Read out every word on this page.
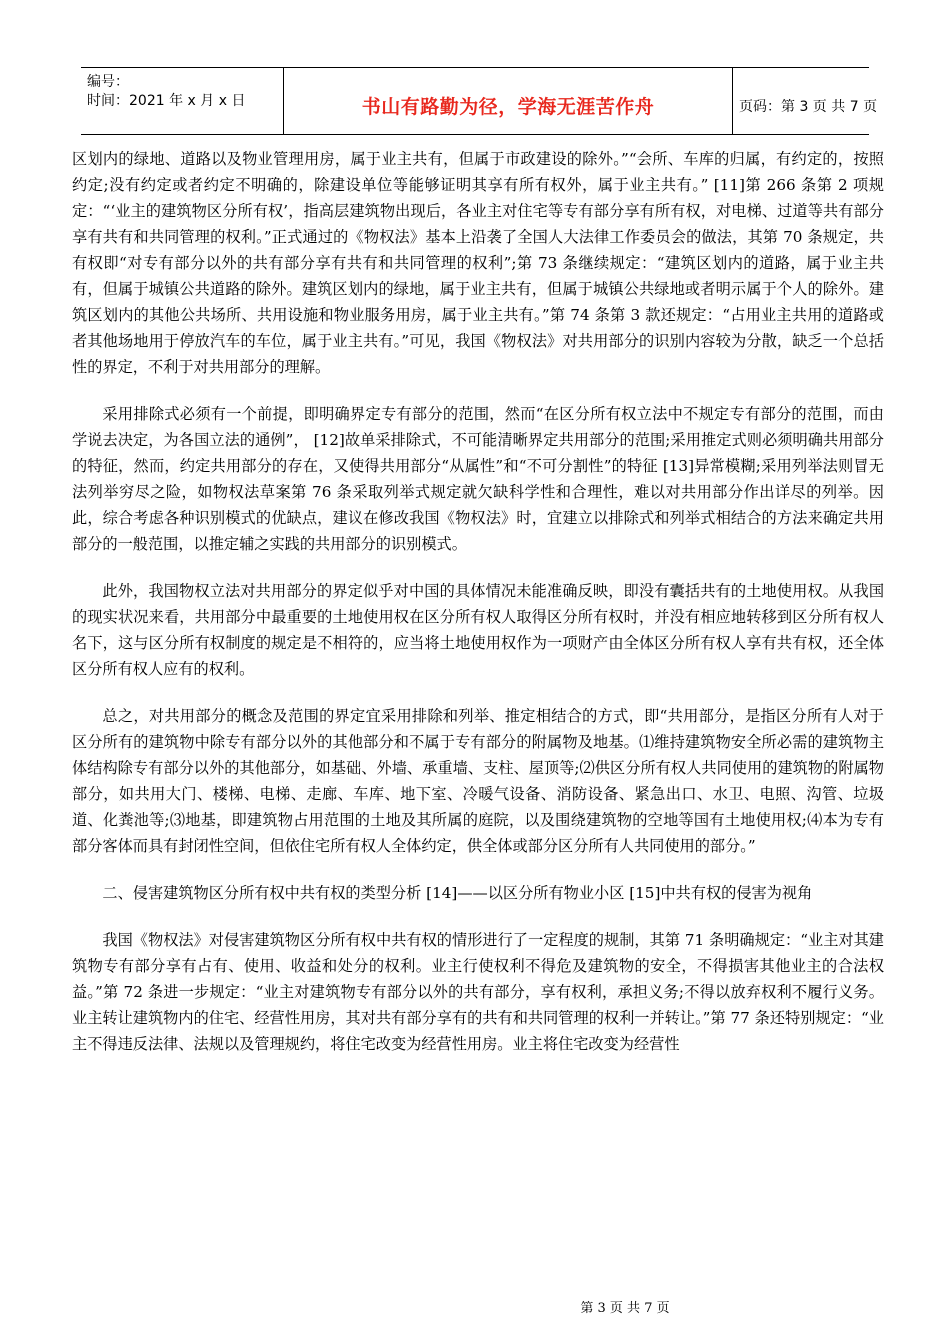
编号：
时间：2021 年 x 月 x 日	书山有路勤为径，学海无涯苦作舟	页码：第 3 页 共 7 页

区划内的绿地、道路以及物业管理用房，属于业主共有，但属于市政建设的除外。”“会所、车库的归属，有约定的，按照约定;没有约定或者约定不明确的，除建设单位等能够证明其享有所有权外，属于业主共有。” [11]第 266 条第 2 项规定：“‘业主的建筑物区分所有权’，指高层建筑物出现后，各业主对住宅等专有部分享有所有权，对电梯、过道等共有部分享有共有和共同管理的权利。”正式通过的《物权法》基本上沿袭了全国人大法律工作委员会的做法，其第 70 条规定，共有权即“对专有部分以外的共有部分享有共有和共同管理的权利”;第 73 条继续规定：“建筑区划内的道路，属于业主共有，但属于城镇公共道路的除外。建筑区划内的绿地，属于业主共有，但属于城镇公共绿地或者明示属于个人的除外。建筑区划内的其他公共场所、共用设施和物业服务用房，属于业主共有。”第 74 条第 3 款还规定：“占用业主共用的道路或者其他场地用于停放汽车的车位，属于业主共有。”可见，我国《物权法》对共用部分的识别内容较为分散，缺乏一个总括性的界定，不利于对共用部分的理解。

采用排除式必须有一个前提，即明确界定专有部分的范围，然而“在区分所有权立法中不规定专有部分的范围，而由学说去决定，为各国立法的通例”， [12]故单采排除式，不可能清晰界定共用部分的范围;采用推定式则必须明确共用部分的特征，然而，约定共用部分的存在，又使得共用部分“从属性”和“不可分割性”的特征 [13]异常模糊;采用列举法则冒无法列举穷尽之险，如物权法草案第 76 条采取列举式规定就欠缺科学性和合理性，难以对共用部分作出详尽的列举。因此，综合考虑各种识别模式的优缺点，建议在修改我国《物权法》时，宜建立以排除式和列举式相结合的方法来确定共用部分的一般范围，以推定辅之实践的共用部分的识别模式。

此外，我国物权立法对共用部分的界定似乎对中国的具体情况未能准确反映，即没有囊括共有的土地使用权。从我国的现实状况来看，共用部分中最重要的土地使用权在区分所有权人取得区分所有权时，并没有相应地转移到区分所有权人名下，这与区分所有权制度的规定是不相符的，应当将土地使用权作为一项财产由全体区分所有权人享有共有权，还全体区分所有权人应有的权利。

总之，对共用部分的概念及范围的界定宜采用排除和列举、推定相结合的方式，即“共用部分，是指区分所有人对于区分所有的建筑物中除专有部分以外的其他部分和不属于专有部分的附属物及地基。⑴维持建筑物安全所必需的建筑物主体结构除专有部分以外的其他部分，如基础、外墙、承重墙、支柱、屋顶等;⑵供区分所有权人共同使用的建筑物的附属物部分，如共用大门、楼梯、电梯、走廊、车库、地下室、冷暖气设备、消防设备、紧急出口、水卫、电照、沟管、垃圾道、化粪池等;⑶地基，即建筑物占用范围的土地及其所属的庭院，以及围绕建筑物的空地等国有土地使用权;⑷本为专有部分客体而具有封闭性空间，但依住宅所有权人全体约定，供全体或部分区分所有人共同使用的部分。”

二、侵害建筑物区分所有权中共有权的类型分析 [14]——以区分所有物业小区 [15]中共有权的侵害为视角

我国《物权法》对侵害建筑物区分所有权中共有权的情形进行了一定程度的规制，其第 71 条明确规定：“业主对其建筑物专有部分享有占有、使用、收益和处分的权利。业主行使权利不得危及建筑物的安全，不得损害其他业主的合法权益。”第 72 条进一步规定：“业主对建筑物专有部分以外的共有部分，享有权利，承担义务;不得以放弃权利不履行义务。业主转让建筑物内的住宅、经营性用房，其对共有部分享有的共有和共同管理的权利一并转让。”第 77 条还特别规定：“业主不得违反法律、法规以及管理规约，将住宅改变为经营性用房。业主将住宅改变为经营性

第 3 页 共 7 页
